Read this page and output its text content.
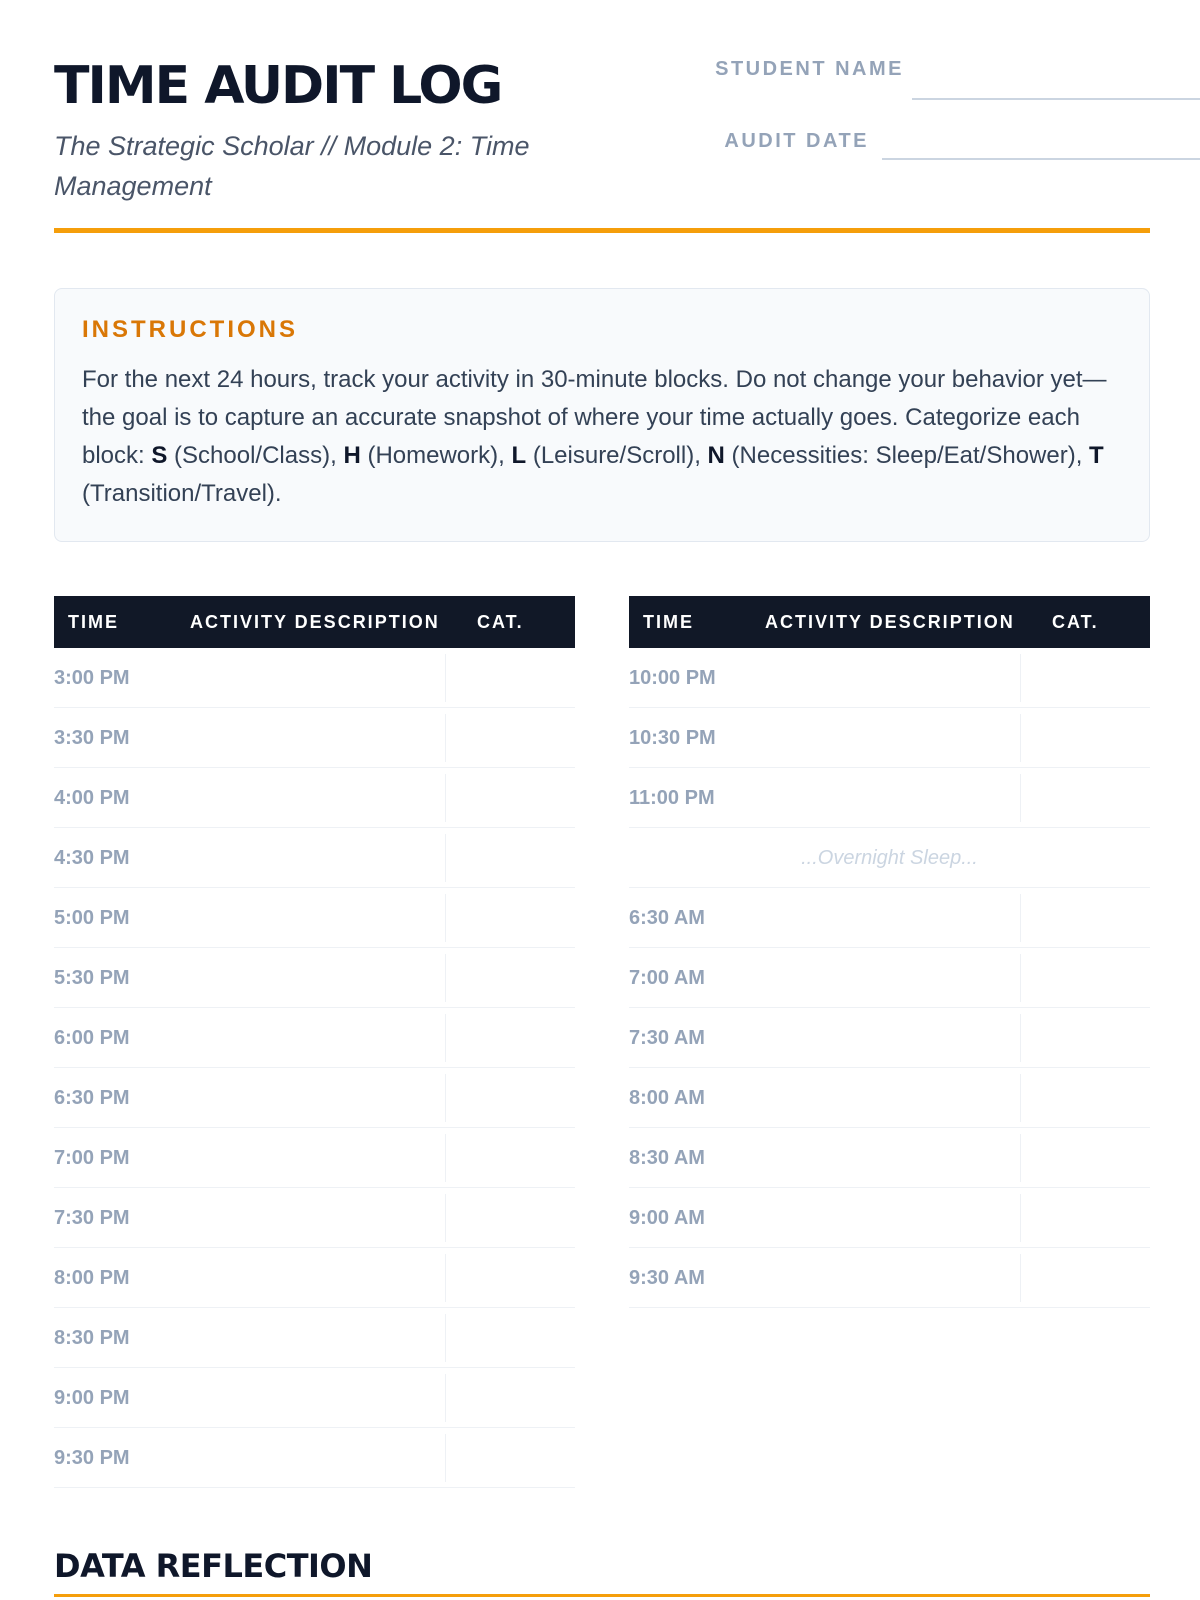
TIME AUDIT LOG
The Strategic Scholar // Module 2: Time Management
STUDENT NAME
AUDIT DATE
INSTRUCTIONS

For the next 24 hours, track your activity in 30-minute blocks. Do not change your behavior yet—the goal is to capture an accurate snapshot of where your time actually goes. Categorize each block: S (School/Class), H (Homework), L (Leisure/Scroll), N (Necessities: Sleep/Eat/Shower), T (Transition/Travel).

TIME	ACTIVITY DESCRIPTION CAT.
3:00 PM
3:30 PM
4:00 PM
4:30 PM
5:00 PM
5:30 PM
6:00 PM
6:30 PM
7:00 PM
7:30 PM
8:00 PM
8:30 PM
9:00 PM
9:30 PM
TIME	ACTIVITY DESCRIPTION CAT.
10:00 PM
10:30 PM
11:00 PM
...Overnight Sleep...
6:30 AM
7:00 AM
7:30 AM
8:00 AM
8:30 AM
9:00 AM
9:30 AM
DATA REFLECTION
